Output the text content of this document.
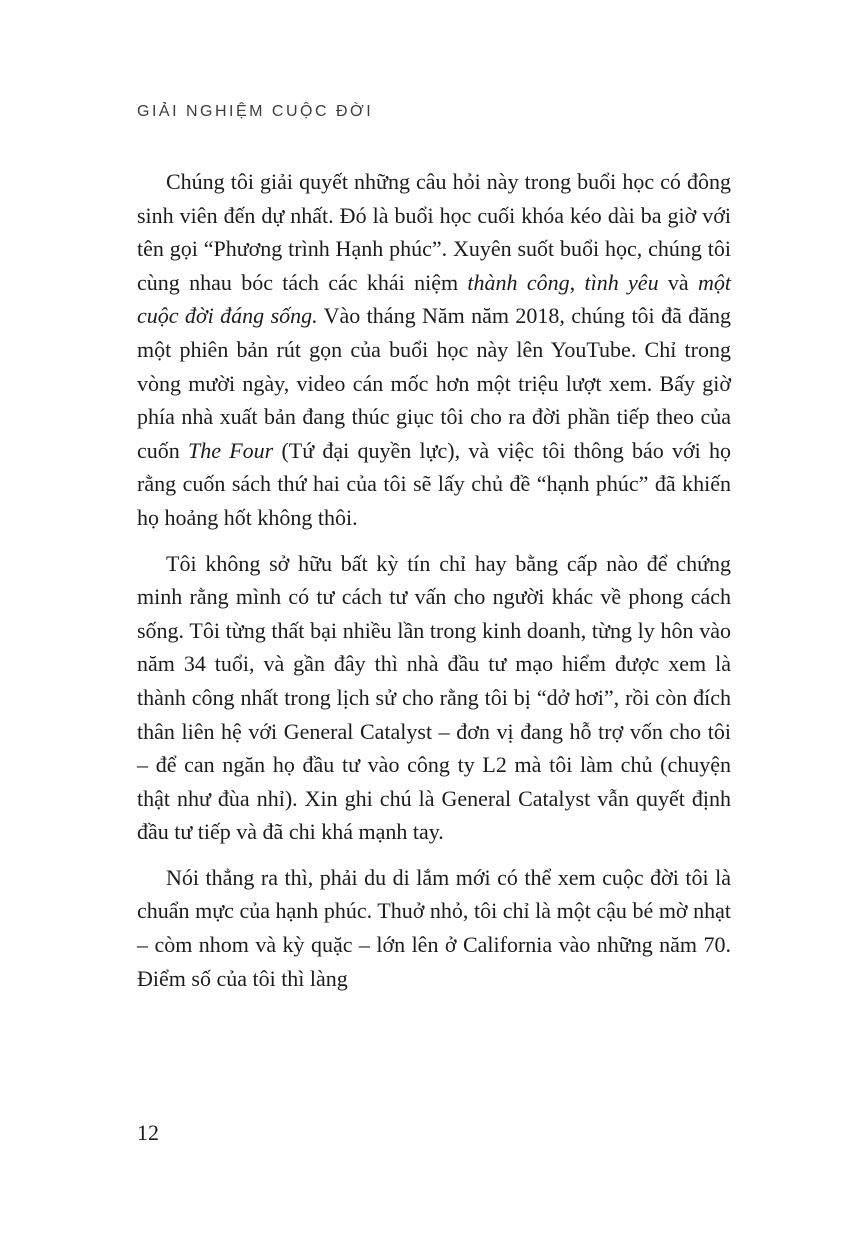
GIẢI NGHIỆM CUỘC ĐỜI

Chúng tôi giải quyết những câu hỏi này trong buổi học có đông sinh viên đến dự nhất. Đó là buổi học cuối khóa kéo dài ba giờ với tên gọi “Phương trình Hạnh phúc”. Xuyên suốt buổi học, chúng tôi cùng nhau bóc tách các khái niệm thành công, tình yêu và một cuộc đời đáng sống. Vào tháng Năm năm 2018, chúng tôi đã đăng một phiên bản rút gọn của buổi học này lên YouTube. Chỉ trong vòng mười ngày, video cán mốc hơn một triệu lượt xem. Bấy giờ phía nhà xuất bản đang thúc giục tôi cho ra đời phần tiếp theo của cuốn The Four (Tứ đại quyền lực), và việc tôi thông báo với họ rằng cuốn sách thứ hai của tôi sẽ lấy chủ đề “hạnh phúc” đã khiến họ hoảng hốt không thôi.

Tôi không sở hữu bất kỳ tín chỉ hay bằng cấp nào để chứng minh rằng mình có tư cách tư vấn cho người khác về phong cách sống. Tôi từng thất bại nhiều lần trong kinh doanh, từng ly hôn vào năm 34 tuổi, và gần đây thì nhà đầu tư mạo hiểm được xem là thành công nhất trong lịch sử cho rằng tôi bị “dở hơi”, rồi còn đích thân liên hệ với General Catalyst – đơn vị đang hỗ trợ vốn cho tôi – để can ngăn họ đầu tư vào công ty L2 mà tôi làm chủ (chuyện thật như đùa nhỉ). Xin ghi chú là General Catalyst vẫn quyết định đầu tư tiếp và đã chi khá mạnh tay.

Nói thẳng ra thì, phải du di lắm mới có thể xem cuộc đời tôi là chuẩn mực của hạnh phúc. Thuở nhỏ, tôi chỉ là một cậu bé mờ nhạt – còm nhom và kỳ quặc – lớn lên ở California vào những năm 70. Điểm số của tôi thì làng

12
